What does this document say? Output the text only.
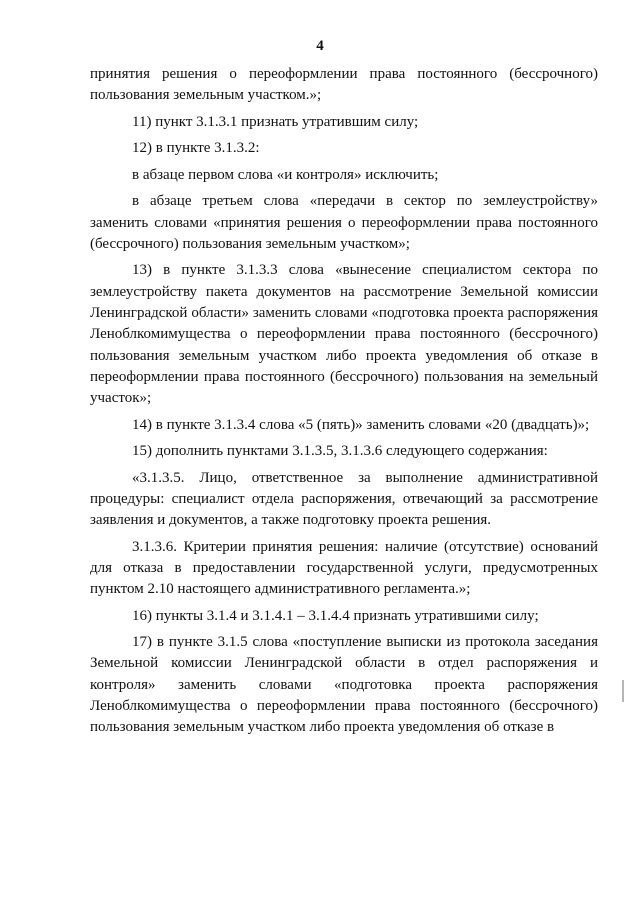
4

принятия решения о переоформлении права постоянного (бессрочного) пользования земельным участком.»;

11) пункт 3.1.3.1 признать утратившим силу;

12) в пункте 3.1.3.2:

в абзаце первом слова «и контроля» исключить;

в абзаце третьем слова «передачи в сектор по землеустройству» заменить словами «принятия решения о переоформлении права постоянного (бессрочного) пользования земельным участком»;

13) в пункте 3.1.3.3 слова «вынесение специалистом сектора по землеустройству пакета документов на рассмотрение Земельной комиссии Ленинградской области» заменить словами «подготовка проекта распоряжения Леноблкомимущества о переоформлении права постоянного (бессрочного) пользования земельным участком либо проекта уведомления об отказе в переоформлении права постоянного (бессрочного) пользования на земельный участок»;

14) в пункте 3.1.3.4 слова «5 (пять)» заменить словами «20 (двадцать)»;

15) дополнить пунктами 3.1.3.5, 3.1.3.6 следующего содержания:

«3.1.3.5. Лицо, ответственное за выполнение административной процедуры: специалист отдела распоряжения, отвечающий за рассмотрение заявления и документов, а также подготовку проекта решения.

3.1.3.6. Критерии принятия решения: наличие (отсутствие) оснований для отказа в предоставлении государственной услуги, предусмотренных пунктом 2.10 настоящего административного регламента.»;

16) пункты 3.1.4 и 3.1.4.1 – 3.1.4.4 признать утратившими силу;

17) в пункте 3.1.5 слова «поступление выписки из протокола заседания Земельной комиссии Ленинградской области в отдел распоряжения и контроля» заменить словами «подготовка проекта распоряжения Леноблкомимущества о переоформлении права постоянного (бессрочного) пользования земельным участком либо проекта уведомления об отказе в
